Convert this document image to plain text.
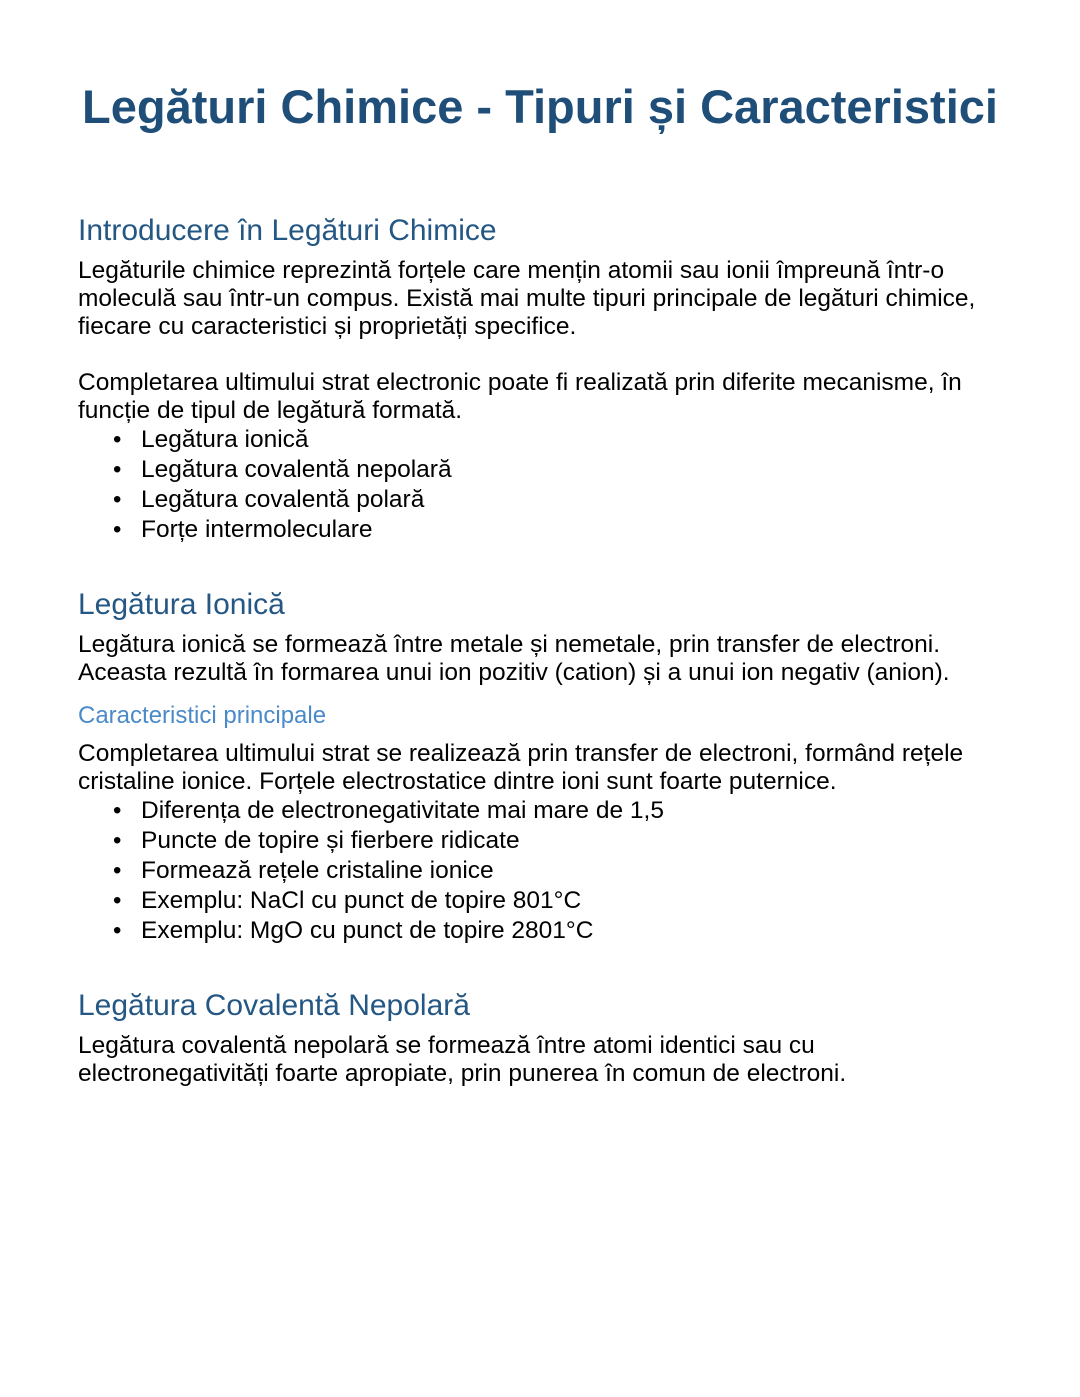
Legături Chimice - Tipuri și Caracteristici
Introducere în Legături Chimice

Legăturile chimice reprezintă forțele care mențin atomii sau ionii împreună într-o moleculă sau într-un compus. Există mai multe tipuri principale de legături chimice, fiecare cu caracteristici și proprietăți specifice.

Completarea ultimului strat electronic poate fi realizată prin diferite mecanisme, în funcție de tipul de legătură formată.

• Legătura ionică
• Legătura covalentă nepolară
• Legătura covalentă polară
• Forțe intermoleculare
Legătura Ionică

Legătura ionică se formează între metale și nemetale, prin transfer de electroni. Aceasta rezultă în formarea unui ion pozitiv (cation) și a unui ion negativ (anion).

Caracteristici principale

Completarea ultimului strat se realizează prin transfer de electroni, formând rețele cristaline ionice. Forțele electrostatice dintre ioni sunt foarte puternice.

• Diferența de electronegativitate mai mare de 1,5
• Puncte de topire și fierbere ridicate
• Formează rețele cristaline ionice
• Exemplu: NaCl cu punct de topire 801°C
• Exemplu: MgO cu punct de topire 2801°C
Legătura Covalentă Nepolară

Legătura covalentă nepolară se formează între atomi identici sau cu electronegativități foarte apropiate, prin punerea în comun de electroni.
